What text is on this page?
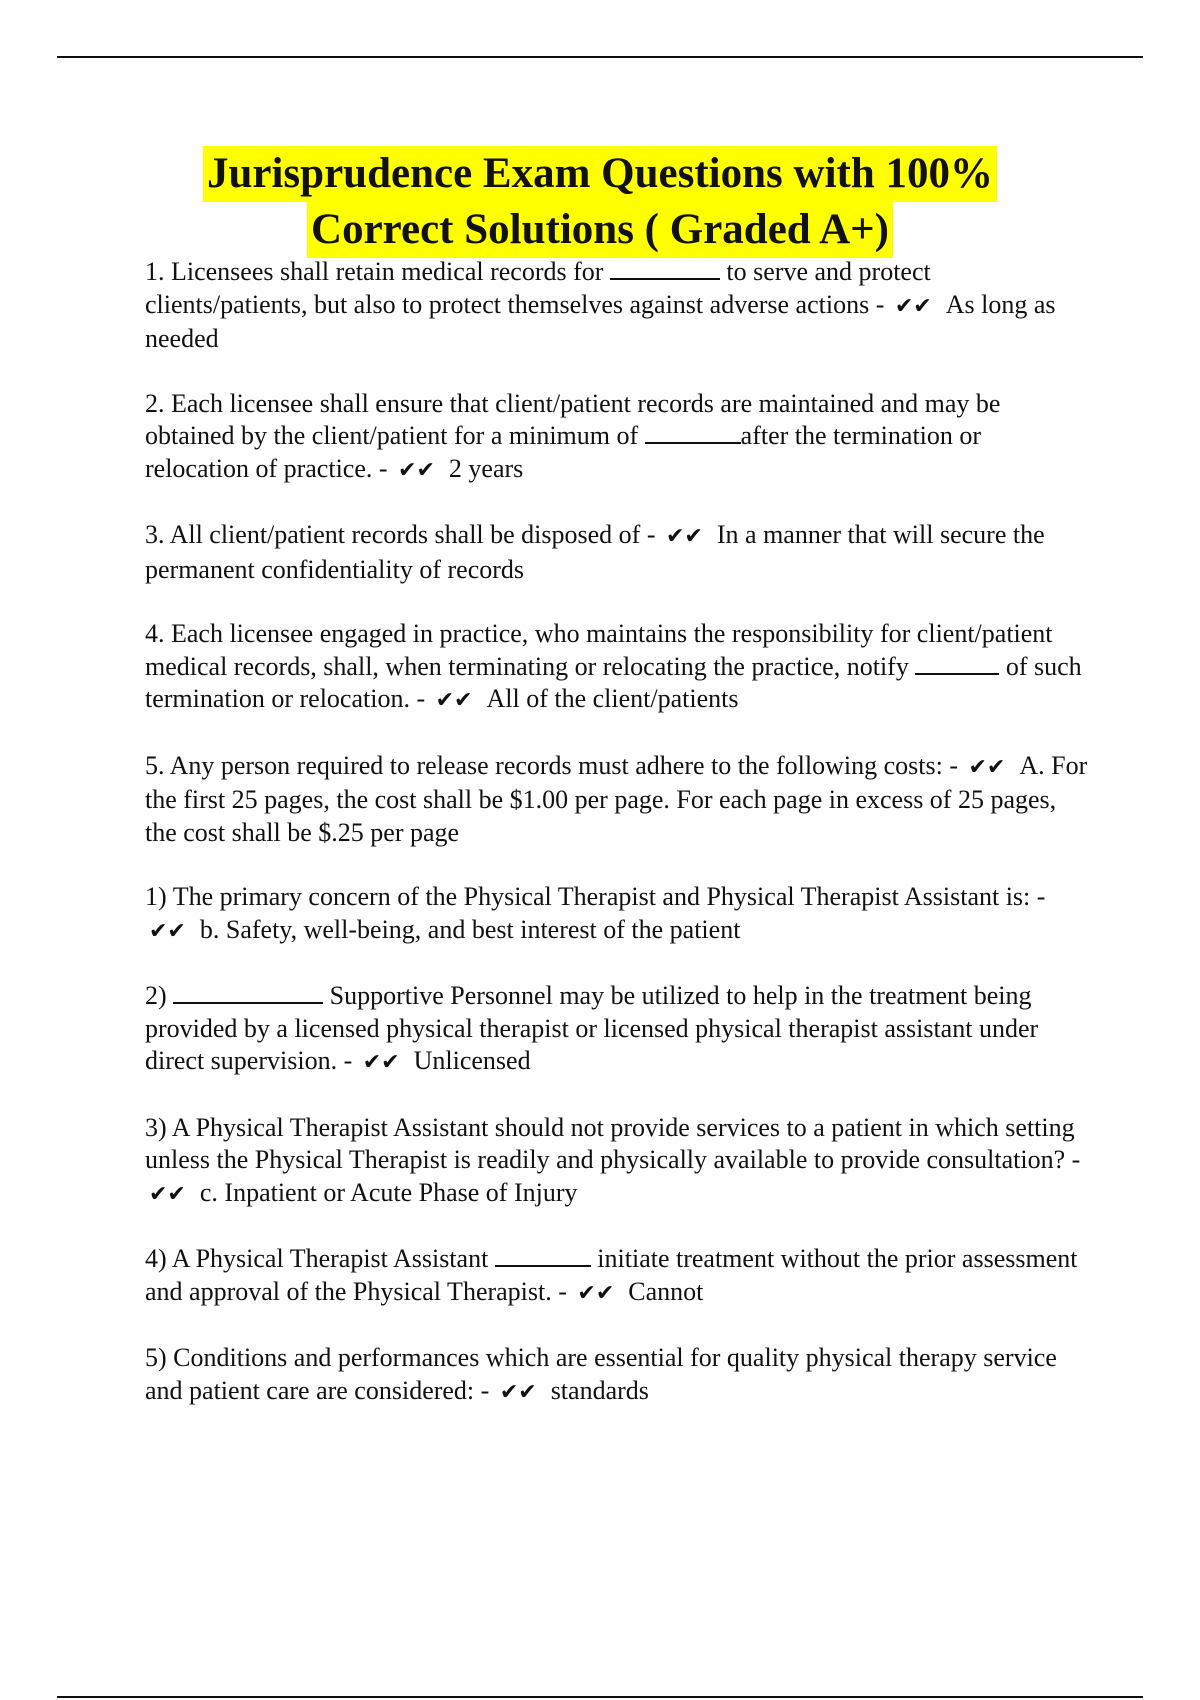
Jurisprudence Exam Questions with 100%
Correct Solutions ( Graded A+)

1. Licensees shall retain medical records for	to serve and protect clients/patients, but also to protect themselves against adverse actions - ✔✔ As long as needed

2. Each licensee shall ensure that client/patient records are maintained and may be obtained by the client/patient for a minimum of	after the termination or relocation of practice. - ✔✔ 2 years

3. All client/patient records shall be disposed of - ✔✔ In a manner that will secure the permanent confidentiality of records

4. Each licensee engaged in practice, who maintains the responsibility for client/patient medical records, shall, when terminating or relocating the practice, notify	of such termination or relocation. - ✔✔ All of the client/patients

5. Any person required to release records must adhere to the following costs: - ✔✔ A. For the first 25 pages, the cost shall be $1.00 per page. For each page in excess of 25 pages, the cost shall be $.25 per page

1) The primary concern of the Physical Therapist and Physical Therapist Assistant is: - ✔✔ b. Safety, well-being, and best interest of the patient

2)	Supportive Personnel may be utilized to help in the treatment being provided by a licensed physical therapist or licensed physical therapist assistant under direct supervision. - ✔✔ Unlicensed

3) A Physical Therapist Assistant should not provide services to a patient in which setting unless the Physical Therapist is readily and physically available to provide consultation? - ✔✔ c. Inpatient or Acute Phase of Injury

4) A Physical Therapist Assistant	initiate treatment without the prior assessment and approval of the Physical Therapist. - ✔✔ Cannot

5) Conditions and performances which are essential for quality physical therapy service and patient care are considered: - ✔✔ standards
